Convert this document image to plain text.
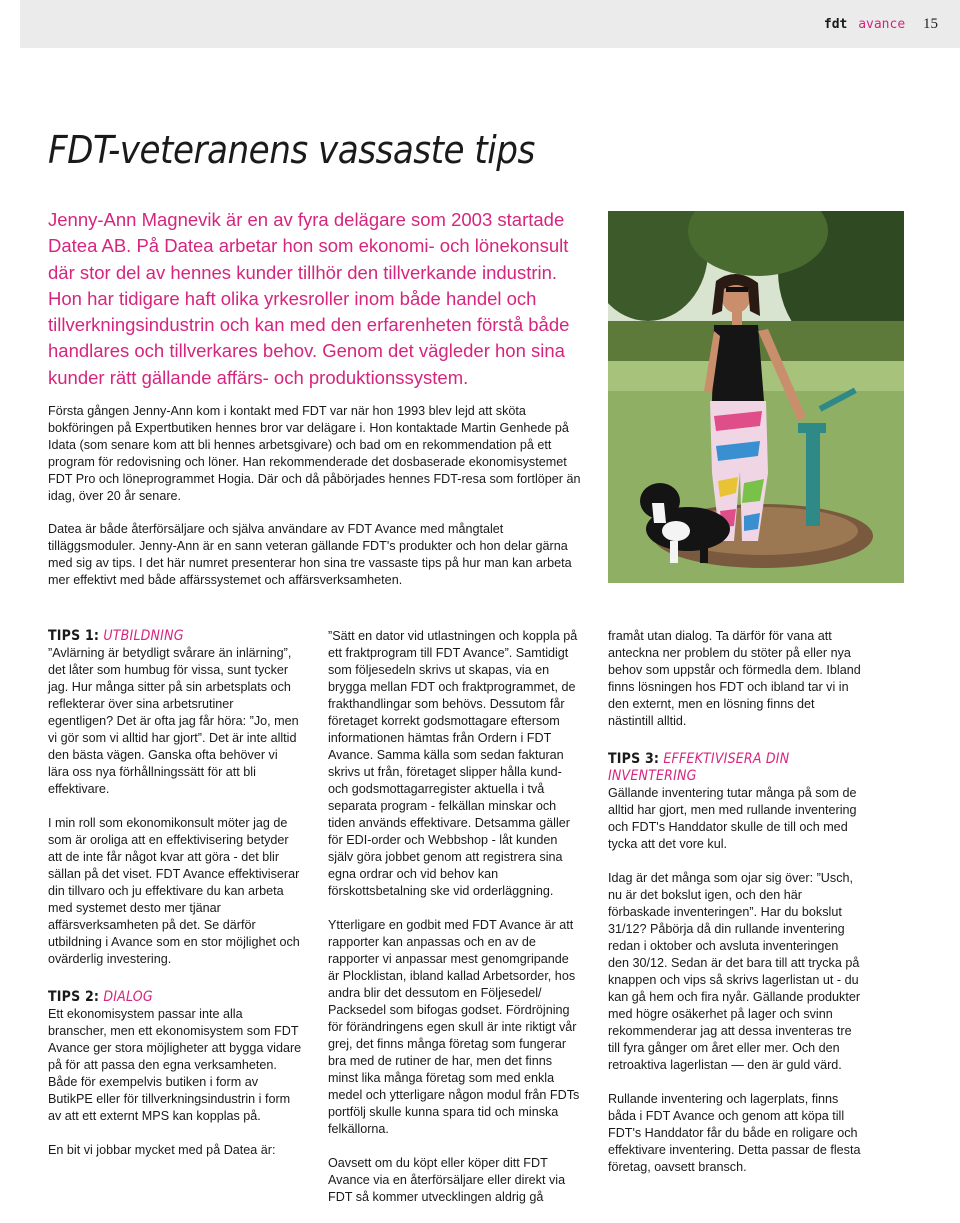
fdt avance 15
FDT-veteranens vassaste tips

Jenny-Ann Magnevik är en av fyra delägare som 2003 startade Datea AB. På Datea arbetar hon som ekonomi- och lönekonsult där stor del av hennes kunder tillhör den tillverkande industrin. Hon har tidigare haft olika yrkesroller inom både handel och tillverkningsindustrin och kan med den erfarenheten förstå både handlares och tillverkares behov. Genom det vägleder hon sina kunder rätt gällande affärs- och produktionssystem.

Första gången Jenny-Ann kom i kontakt med FDT var när hon 1993 blev lejd att sköta bokföringen på Expertbutiken hennes bror var delägare i. Hon kontaktade Martin Genhede på Idata (som senare kom att bli hennes arbetsgivare) och bad om en rekommendation på ett program för redovisning och löner. Han rekommenderade det dosbaserade ekonomisystemet FDT Pro och löneprogrammet Hogia. Där och då påbörjades hennes FDT-resa som fortlöper än idag, över 20 år senare.

Datea är både återförsäljare och själva användare av FDT Avance med mångtalet tilläggsmoduler. Jenny-Ann är en sann veteran gällande FDT's produkter och hon delar gärna med sig av tips. I det här numret presenterar hon sina tre vassaste tips på hur man kan arbeta mer effektivt med både affärssystemet och affärsverksamheten.

TIPS 1: UTBILDNING

”Avlärning är betydligt svårare än inlärning”, det låter som humbug för vissa, sunt tycker jag. Hur många sitter på sin arbetsplats och reflekterar över sina arbetsrutiner egentligen? Det är ofta jag får höra: ”Jo, men vi gör som vi alltid har gjort”. Det är inte alltid den bästa vägen. Ganska ofta behöver vi lära oss nya förhållningssätt för att bli effektivare.

I min roll som ekonomikonsult möter jag de som är oroliga att en effektivisering betyder att de inte får något kvar att göra - det blir sällan på det viset. FDT Avance effektiviserar din tillvaro och ju effektivare du kan arbeta med systemet desto mer tjänar affärsverksamheten på det. Se därför utbildning i Avance som en stor möjlighet och ovärderlig investering.

TIPS 2: DIALOG

Ett ekonomisystem passar inte alla branscher, men ett ekonomisystem som FDT Avance ger stora möjligheter att bygga vidare på för att passa den egna verksamheten. Både för exempelvis butiken i form av ButikPE eller för tillverkningsindustrin i form av att ett externt MPS kan kopplas på.

En bit vi jobbar mycket med på Datea är:

”Sätt en dator vid utlastningen och koppla på ett fraktprogram till FDT Avance”. Samtidigt som följesedeln skrivs ut skapas, via en brygga mellan FDT och fraktprogrammet, de frakthandlingar som behövs. Dessutom får företaget korrekt godsmottagare eftersom informationen hämtas från Ordern i FDT Avance. Samma källa som sedan fakturan skrivs ut från, företaget slipper hålla kund- och godsmottagarregister aktuella i två separata program - felkällan minskar och tiden används effektivare. Detsamma gäller för EDI-order och Webbshop - låt kunden själv göra jobbet genom att registrera sina egna ordrar och vid behov kan förskottsbetalning ske vid orderläggning.

Ytterligare en godbit med FDT Avance är att rapporter kan anpassas och en av de rapporter vi anpassar mest genomgripande är Plocklistan, ibland kallad Arbetsorder, hos andra blir det dessutom en Följesedel/ Packsedel som bifogas godset. Fördröjning för förändringens egen skull är inte riktigt vår grej, det finns många företag som fungerar bra med de rutiner de har, men det finns minst lika många företag som med enkla medel och ytterligare någon modul från FDTs portfölj skulle kunna spara tid och minska felkällorna.

Oavsett om du köpt eller köper ditt FDT Avance via en återförsäljare eller direkt via FDT så kommer utvecklingen aldrig gå

framåt utan dialog. Ta därför för vana att anteckna ner problem du stöter på eller nya behov som uppstår och förmedla dem. Ibland finns lösningen hos FDT och ibland tar vi in den externt, men en lösning finns det nästintill alltid.

TIPS 3: EFFEKTIVISERA DIN INVENTERING

Gällande inventering tutar många på som de alltid har gjort, men med rullande inventering och FDT's Handdator skulle de till och med tycka att det vore kul.

Idag är det många som ojar sig över: ”Usch, nu är det bokslut igen, och den här förbaskade inventeringen”. Har du bokslut 31/12? Påbörja då din rullande inventering redan i oktober och avsluta inventeringen den 30/12. Sedan är det bara till att trycka på knappen och vips så skrivs lagerlistan ut - du kan gå hem och fira nyår. Gällande produkter med högre osäkerhet på lager och svinn rekommenderar jag att dessa inventeras tre till fyra gånger om året eller mer. Och den retroaktiva lagerlistan — den är guld värd.

Rullande inventering och lagerplats, finns båda i FDT Avance och genom att köpa till FDT's Handdator får du både en roligare och effektivare inventering. Detta passar de flesta företag, oavsett bransch.
